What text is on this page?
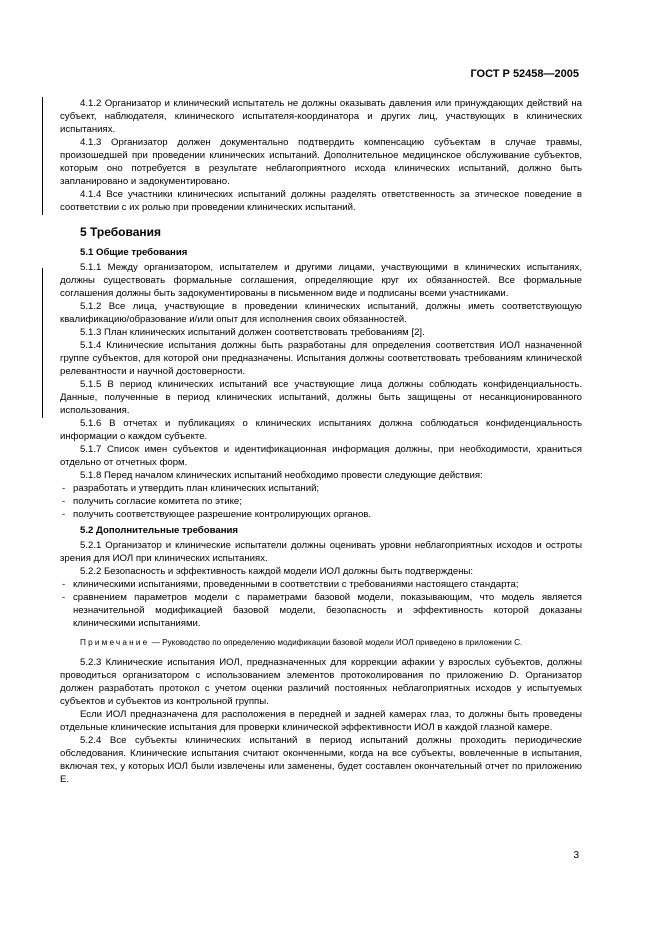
ГОСТ Р 52458—2005

4.1.2 Организатор и клинический испытатель не должны оказывать давления или принуждающих действий на субъект, наблюдателя, клинического испытателя-координатора и других лиц, участвующих в клинических испытаниях.

4.1.3 Организатор должен документально подтвердить компенсацию субъектам в случае травмы, произошедшей при проведении клинических испытаний. Дополнительное медицинское обслуживание субъектов, которым оно потребуется в результате неблагоприятного исхода клинических испытаний, должно быть запланировано и задокументировано.

4.1.4 Все участники клинических испытаний должны разделять ответственность за этическое поведение в соответствии с их ролью при проведении клинических испытаний.

5 Требования
5.1 Общие требования

5.1.1 Между организатором, испытателем и другими лицами, участвующими в клинических испытаниях, должны существовать формальные соглашения, определяющие круг их обязанностей. Все формальные соглашения должны быть задокументированы в письменном виде и подписаны всеми участниками.

5.1.2 Все лица, участвующие в проведении клинических испытаний, должны иметь соответствующую квалификацию/образование и/или опыт для исполнения своих обязанностей.

5.1.3 План клинических испытаний должен соответствовать требованиям [2].

5.1.4 Клинические испытания должны быть разработаны для определения соответствия ИОЛ назначенной группе субъектов, для которой они предназначены. Испытания должны соответствовать требованиям клинической релевантности и научной достоверности.

5.1.5 В период клинических испытаний все участвующие лица должны соблюдать конфиденциальность. Данные, полученные в период клинических испытаний, должны быть защищены от несанкционированного использования.

5.1.6 В отчетах и публикациях о клинических испытаниях должна соблюдаться конфиденциальность информации о каждом субъекте.

5.1.7 Список имен субъектов и идентификационная информация должны, при необходимости, храниться отдельно от отчетных форм.

5.1.8 Перед началом клинических испытаний необходимо провести следующие действия:

- разработать и утвердить план клинических испытаний;

- получить согласие комитета по этике;

- получить соответствующее разрешение контролирующих органов.

5.2 Дополнительные требования

5.2.1 Организатор и клинические испытатели должны оценивать уровни неблагоприятных исходов и остроты зрения для ИОЛ при клинических испытаниях.

5.2.2 Безопасность и эффективность каждой модели ИОЛ должны быть подтверждены:

- клиническими испытаниями, проведенными в соответствии с требованиями настоящего стандарта;

- сравнением параметров модели с параметрами базовой модели, показывающим, что модель является незначительной модификацией базовой модели, безопасность и эффективность которой доказаны клиническими испытаниями.

Примечание — Руководство по определению модификации базовой модели ИОЛ приведено в приложении С.

5.2.3 Клинические испытания ИОЛ, предназначенных для коррекции афакии у взрослых субъектов, должны проводиться организатором с использованием элементов протоколирования по приложению D. Организатор должен разработать протокол с учетом оценки различий постоянных неблагоприятных исходов у испытуемых субъектов и субъектов из контрольной группы.

Если ИОЛ предназначена для расположения в передней и задней камерах глаз, то должны быть проведены отдельные клинические испытания для проверки клинической эффективности ИОЛ в каждой глазной камере.

5.2.4 Все субъекты клинических испытаний в период испытаний должны проходить периодические обследования. Клинические испытания считают оконченными, когда на все субъекты, вовлеченные в испытания, включая тех, у которых ИОЛ были извлечены или заменены, будет составлен окончательный отчет по приложению Е.

3
